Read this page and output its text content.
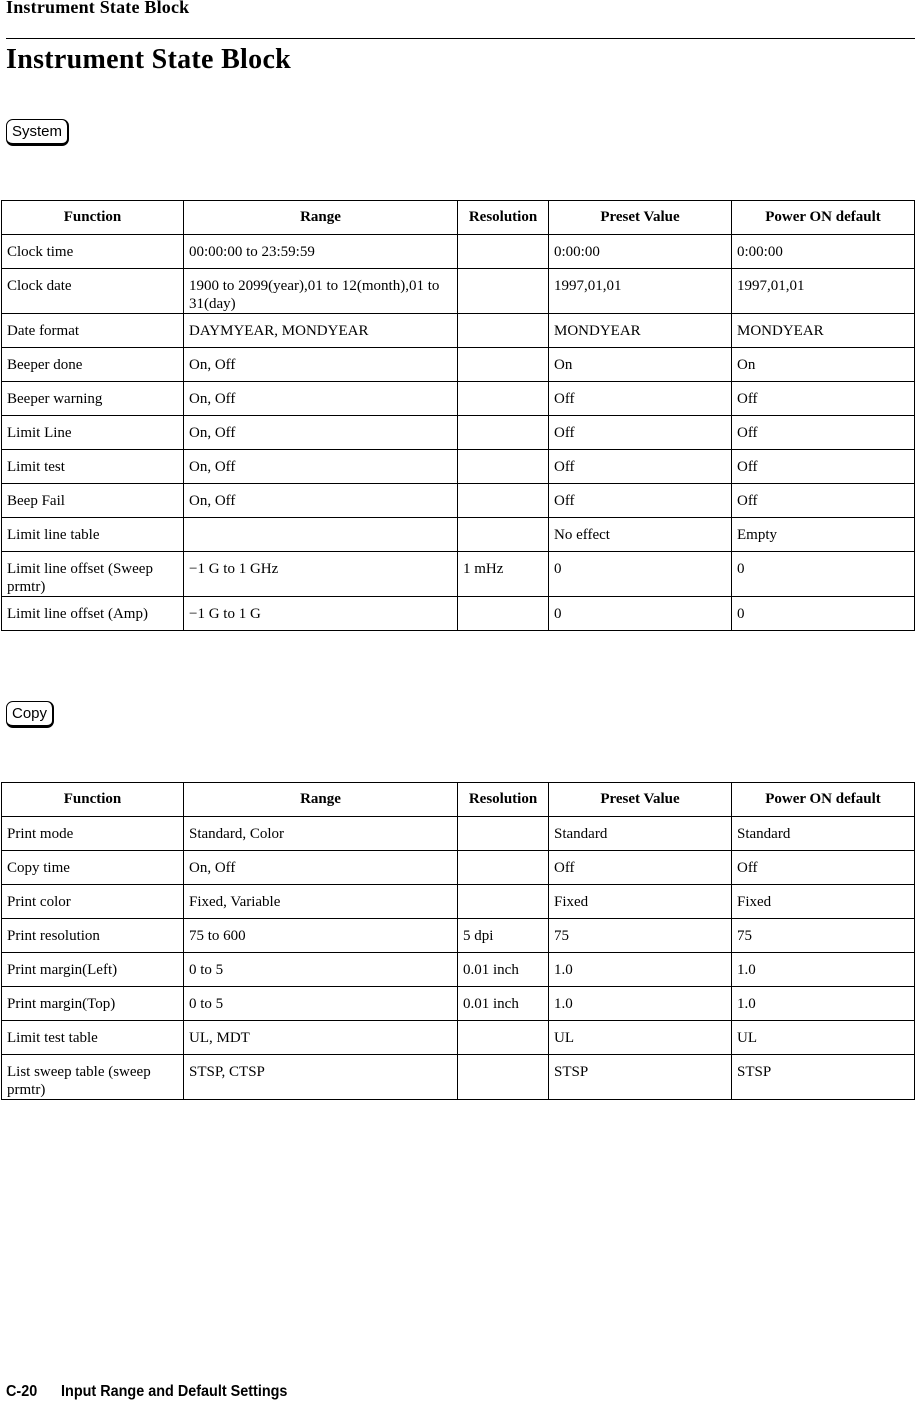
Instrument State Block
Instrument State Block
System
Function	Range	Resolution	Preset Value	Power ON default
Clock time	00:00:00 to 23:59:59		0:00:00	0:00:00
Clock date	1900 to 2099(year),01 to 12(month),01 to 31(day)		1997,01,01	1997,01,01
Date format	DAYMYEAR, MONDYEAR		MONDYEAR	MONDYEAR
Beeper done	On, Off		On	On
Beeper warning	On, Off		Off	Off
Limit Line	On, Off		Off	Off
Limit test	On, Off		Off	Off
Beep Fail	On, Off		Off	Off
Limit line table			No effect	Empty
Limit line offset (Sweep prmtr)	−1 G to 1 GHz	1 mHz	0	0
Limit line offset (Amp)	−1 G to 1 G		0	0
Copy
Function	Range	Resolution	Preset Value	Power ON default
Print mode	Standard, Color		Standard	Standard
Copy time	On, Off		Off	Off
Print color	Fixed, Variable		Fixed	Fixed
Print resolution	75 to 600	5 dpi	75	75
Print margin(Left)	0 to 5	0.01 inch	1.0	1.0
Print margin(Top)	0 to 5	0.01 inch	1.0	1.0
Limit test table	UL, MDT		UL	UL
List sweep table (sweep prmtr)	STSP, CTSP		STSP	STSP
C-20 Input Range and Default Settings
